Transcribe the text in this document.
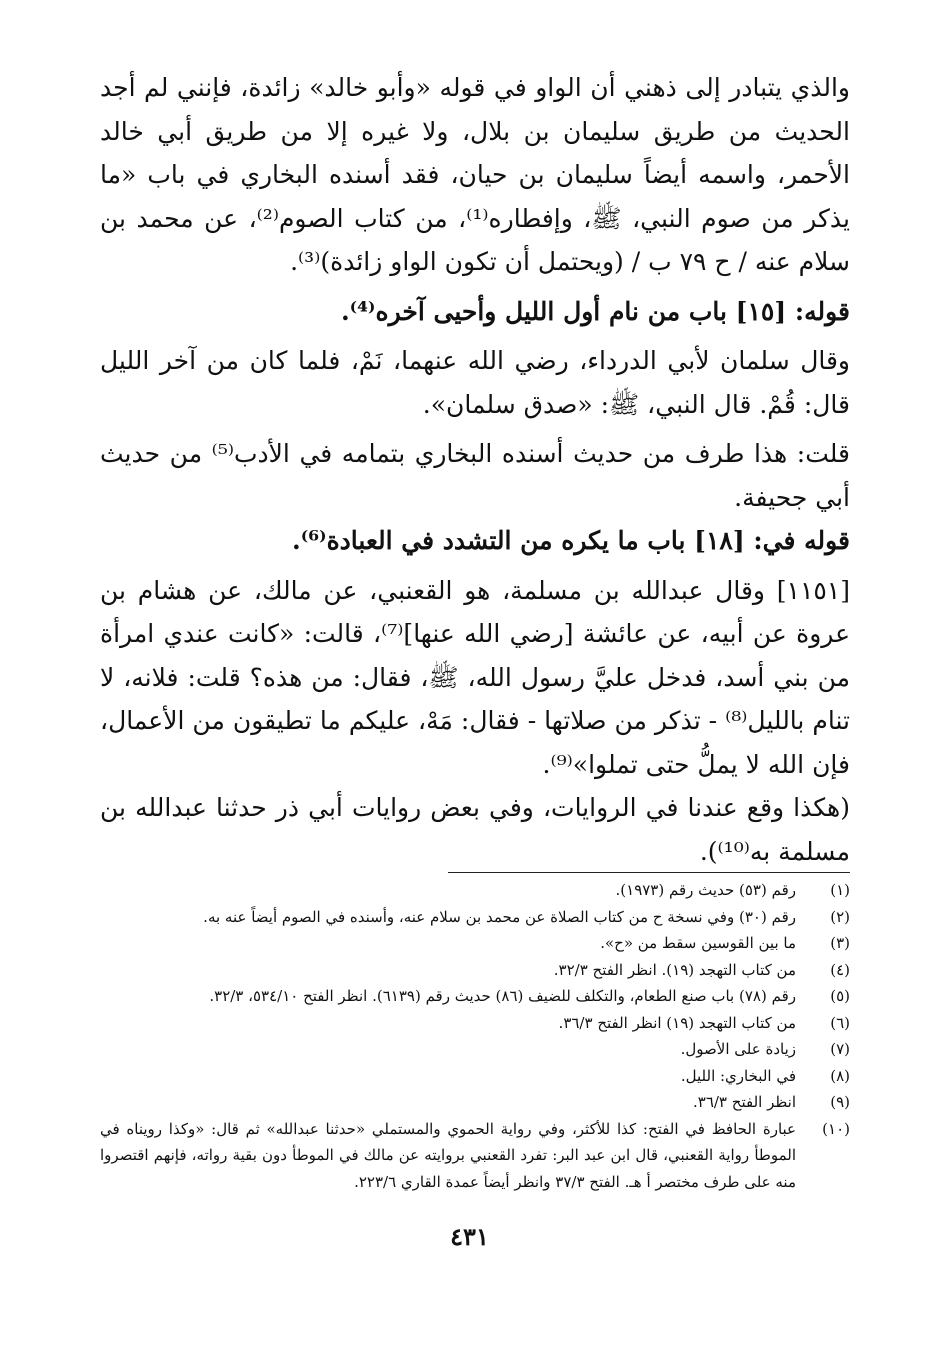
والذي يتبادر إلى ذهني أن الواو في قوله «وأبو خالد» زائدة، فإنني لم أجد الحديث من طريق سليمان بن بلال، ولا غيره إلا من طريق أبي خالد الأحمر، واسمه أيضاً سليمان بن حيان، فقد أسنده البخاري في باب «ما يذكر من صوم النبي، ﷺ، وإفطاره⁽¹⁾، من كتاب الصوم⁽²⁾، عن محمد بن سلام عنه / ح ٧٩ ب / (ويحتمل أن تكون الواو زائدة)⁽³⁾.

قوله: [١٥] باب من نام أول الليل وأحيى آخره⁽⁴⁾.

وقال سلمان لأبي الدرداء، رضي الله عنهما، نَمْ، فلما كان من آخر الليل قال: قُمْ. قال النبي، ﷺ: «صدق سلمان».

قلت: هذا طرف من حديث أسنده البخاري بتمامه في الأدب⁽⁵⁾ من حديث أبي جحيفة.

قوله في: [١٨] باب ما يكره من التشدد في العبادة⁽⁶⁾.

[١١٥١] وقال عبدالله بن مسلمة، هو القعنبي، عن مالك، عن هشام بن عروة عن أبيه، عن عائشة [رضي الله عنها]⁽⁷⁾، قالت: «كانت عندي امرأة من بني أسد، فدخل عليَّ رسول الله، ﷺ، فقال: من هذه؟ قلت: فلانه، لا تنام بالليل⁽⁸⁾ - تذكر من صلاتها - فقال: مَهْ، عليكم ما تطيقون من الأعمال، فإن الله لا يملُّ حتى تملوا»⁽⁹⁾.

(هكذا وقع عندنا في الروايات، وفي بعض روايات أبي ذر حدثنا عبدالله بن مسلمة به⁽¹⁰⁾).

(١)
رقم (٥٣) حديث رقم (١٩٧٣).
(٢)
رقم (٣٠) وفي نسخة ح من كتاب الصلاة عن محمد بن سلام عنه، وأسنده في الصوم أيضاً عنه به.
(٣)
ما بين القوسين سقط من «ح».
(٤)
من كتاب التهجد (١٩). انظر الفتح ٣٢/٣.
(٥)
رقم (٧٨) باب صنع الطعام، والتكلف للضيف (٨٦) حديث رقم (٦١٣٩). انظر الفتح ٥٣٤/١٠، ٣٢/٣.
(٦)
من كتاب التهجد (١٩) انظر الفتح ٣٦/٣.
(٧)
زيادة على الأصول.
(٨)
في البخاري: الليل.
(٩)
انظر الفتح ٣٦/٣.
(١٠)
عبارة الحافظ في الفتح: كذا للأكثر، وفي رواية الحموي والمستملي «حدثنا عبدالله» ثم قال: «وكذا رويناه في الموطأ رواية القعنبي، قال ابن عبد البر: تفرد القعنبي بروايته عن مالك في الموطأ دون بقية رواته، فإنهم اقتصروا منه على طرف مختصر أ هـ. الفتح ٣٧/٣ وانظر أيضاً عمدة القاري ٢٢٣/٦.
٤٣١
